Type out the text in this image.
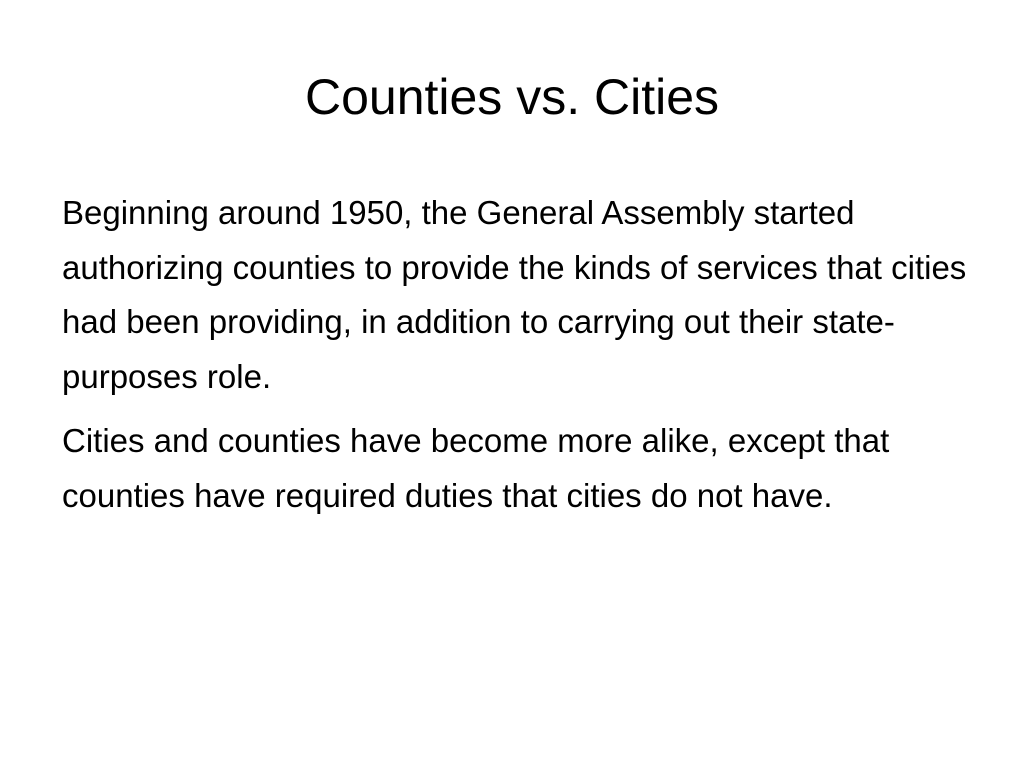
Counties vs. Cities

Beginning around 1950, the General Assembly started authorizing counties to provide the kinds of services that cities had been providing, in addition to carrying out their state-purposes role.

Cities and counties have become more alike, except that counties have required duties that cities do not have.
